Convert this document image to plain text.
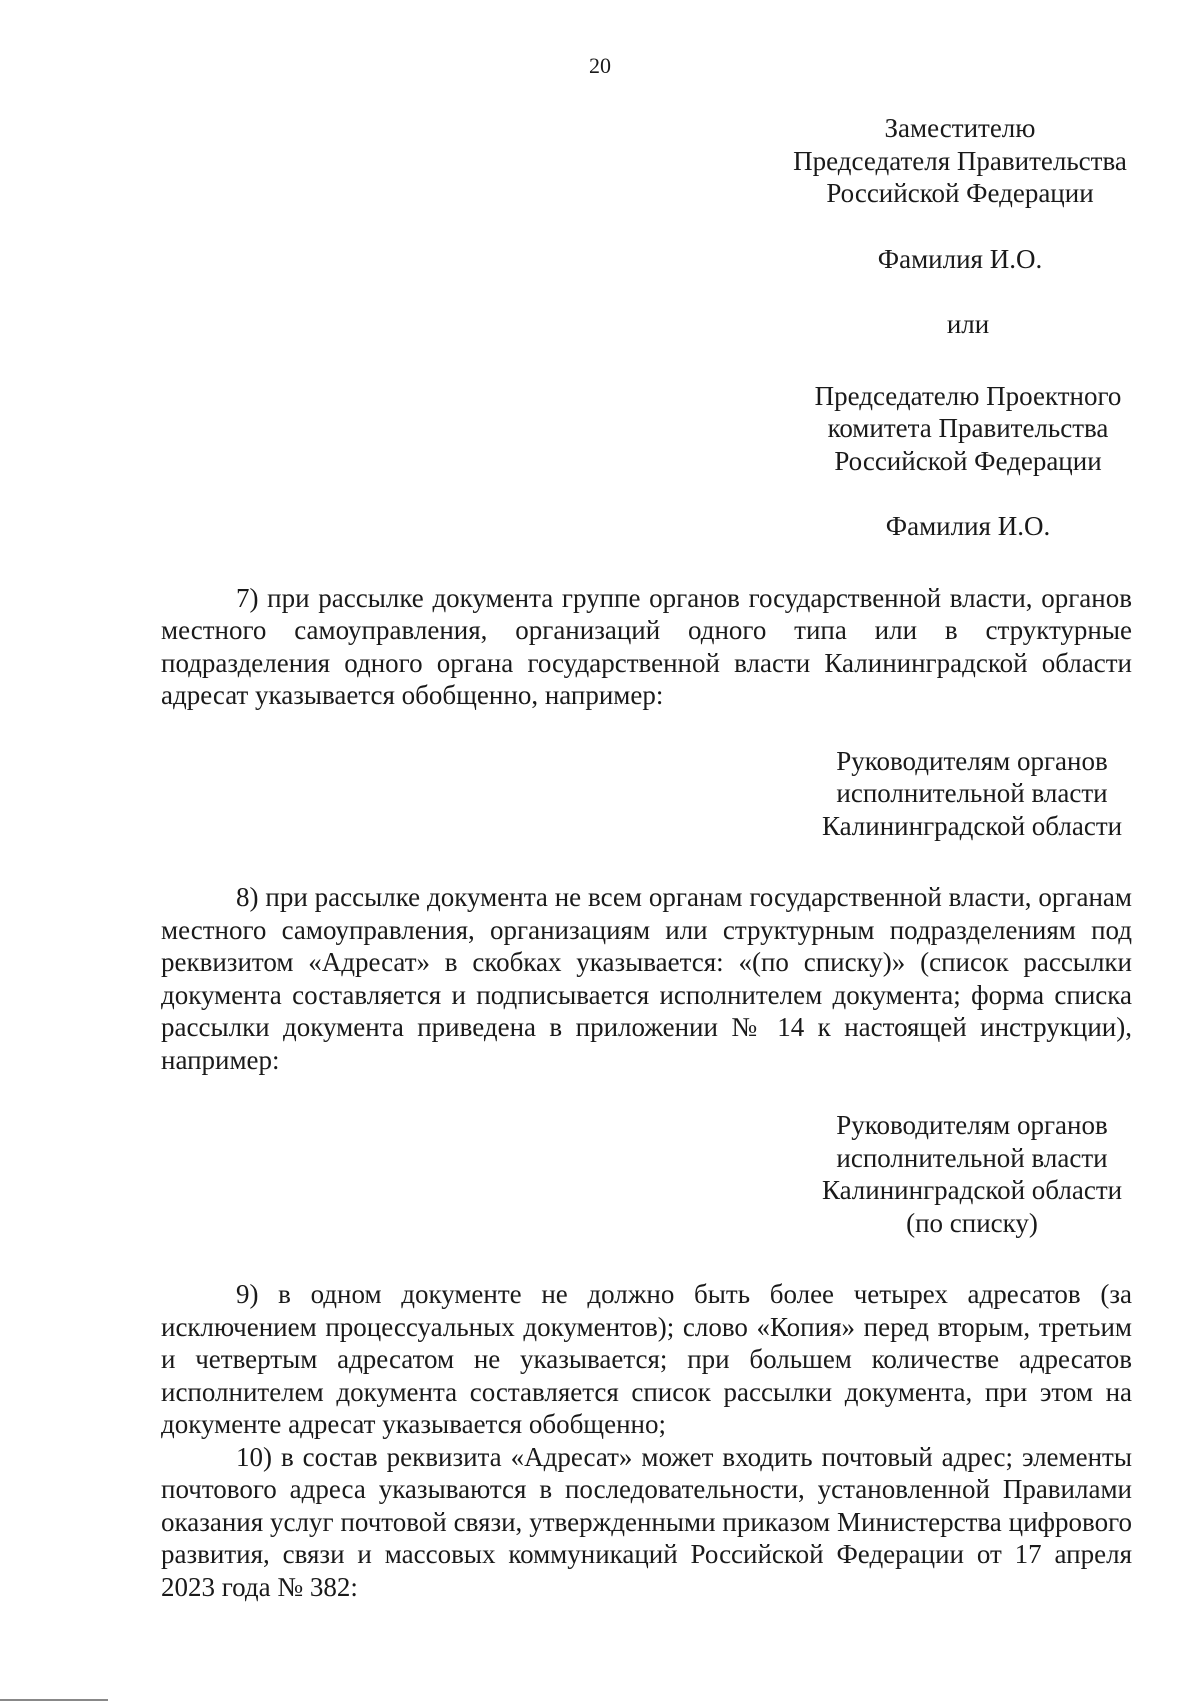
20
Заместителю
Председателя Правительства
Российской Федерации
Фамилия И.О.
или
Председателю Проектного
комитета Правительства
Российской Федерации
Фамилия И.О.

7) при рассылке документа группе органов государственной власти, органов местного самоуправления, организаций одного типа или в структурные подразделения одного органа государственной власти Калининградской области адресат указывается обобщенно, например:

Руководителям органов
исполнительной власти
Калининградской области

8) при рассылке документа не всем органам государственной власти, органам местного самоуправления, организациям или структурным подразделениям под реквизитом «Адресат» в скобках указывается: «(по списку)» (список рассылки документа составляется и подписывается исполнителем документа; форма списка рассылки документа приведена в приложении № 14 к настоящей инструкции), например:

Руководителям органов
исполнительной власти
Калининградской области
(по списку)

9) в одном документе не должно быть более четырех адресатов (за исключением процессуальных документов); слово «Копия» перед вторым, третьим и четвертым адресатом не указывается; при большем количестве адресатов исполнителем документа составляется список рассылки документа, при этом на документе адресат указывается обобщенно;

10) в состав реквизита «Адресат» может входить почтовый адрес; элементы почтового адреса указываются в последовательности, установленной Правилами оказания услуг почтовой связи, утвержденными приказом Министерства цифрового развития, связи и массовых коммуникаций Российской Федерации от 17 апреля 2023 года № 382:
